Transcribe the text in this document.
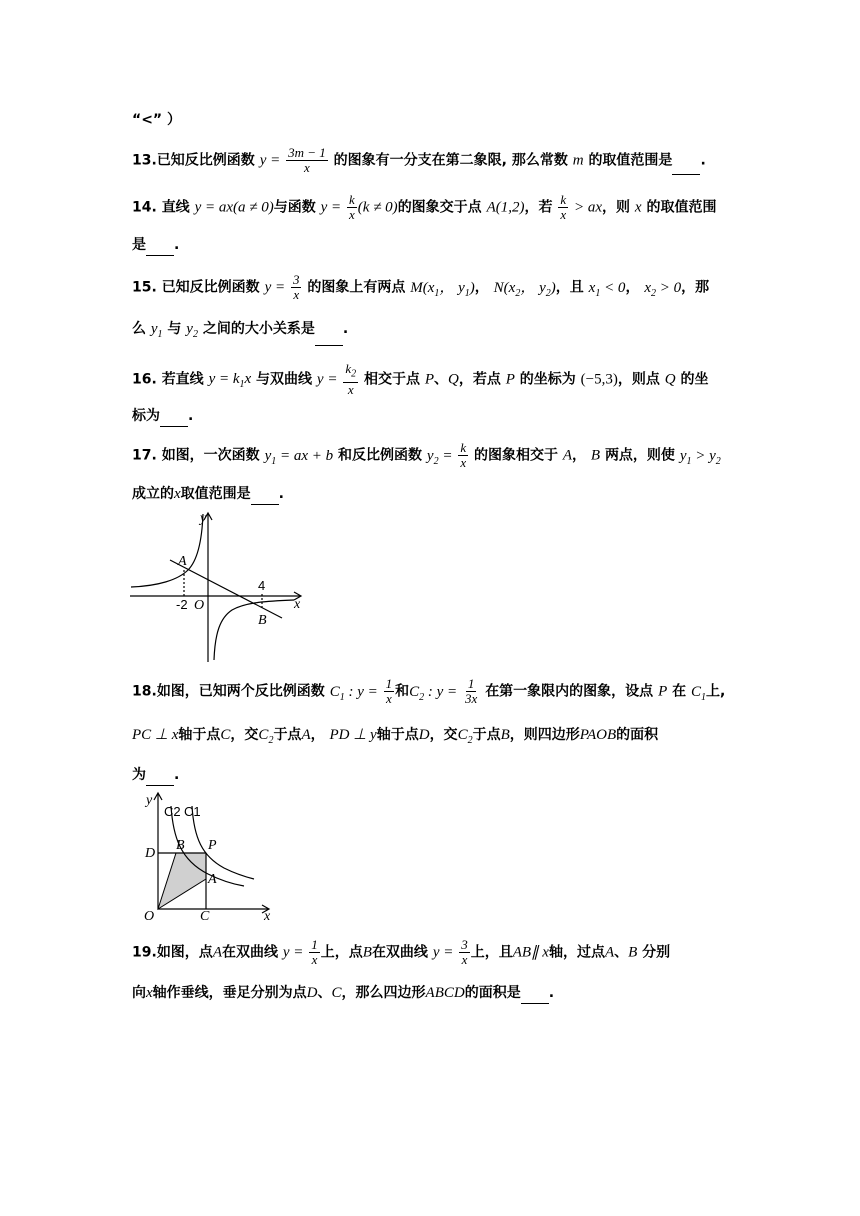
“<” ）
13.已知反比例函数 $y = \frac{3m - 1}{x}$ 的图象有一分支在第二象限, 那么常数 m 的取值范围是 .
14. 直线 y = ax(a ≠ 0)与函数 $y = \frac{k}{x} (k \ne 0)$的图象交于点 A(1,2)，若 $\frac{k}{x}$ > ax，则 x 的取值范围
是 .
15. 已知反比例函数 $y = \frac{3}{x}$ 的图象上有两点 $M(x_1$， $y_1$)， $N(x_2$， $y_2$)，且 $x_1 < 0$， $x_2 > 0$，那
么 $y_1$ 与 $y_2$ 之间的大小关系是 .
16. 若直线 $y = k_1x$ 与双曲线 $y = \frac{k_2}{x}$ 相交于点 P、Q，若点 P 的坐标为 (−5,3)，则点 Q 的坐
标为 .
17. 如图，一次函数 $y_1$ = ax + b 和反比例函数 $y_2 = \frac{k}{x}$ 的图象相交于 A， B 两点，则使 $y_1 > y_2$
成立的x取值范围是 .
y
x
A
B
O
-2
4
18.如图，已知两个反比例函数 $C_1$ : $y = \frac{1}{x}$ 和$C_2$ : $y = \frac{1}{3x}$ 在第一象限内的图象，设点 P 在 $C_1$上,
PC ⊥ x轴于点C，交$C_2$于点A， PD ⊥ y轴于点D，交$C_2$于点B，则四边形PAOB的面积
为 .
y
x
C2 C1
D
B P
A
O	C
19.如图，点A在双曲线 $y = \frac{1}{x}$ 上，点B在双曲线 $y = \frac{3}{x}$ 上，且AB∥ x轴，过点A、B 分别
向x轴作垂线，垂足分别为点D、C，那么四边形ABCD的面积是 .
